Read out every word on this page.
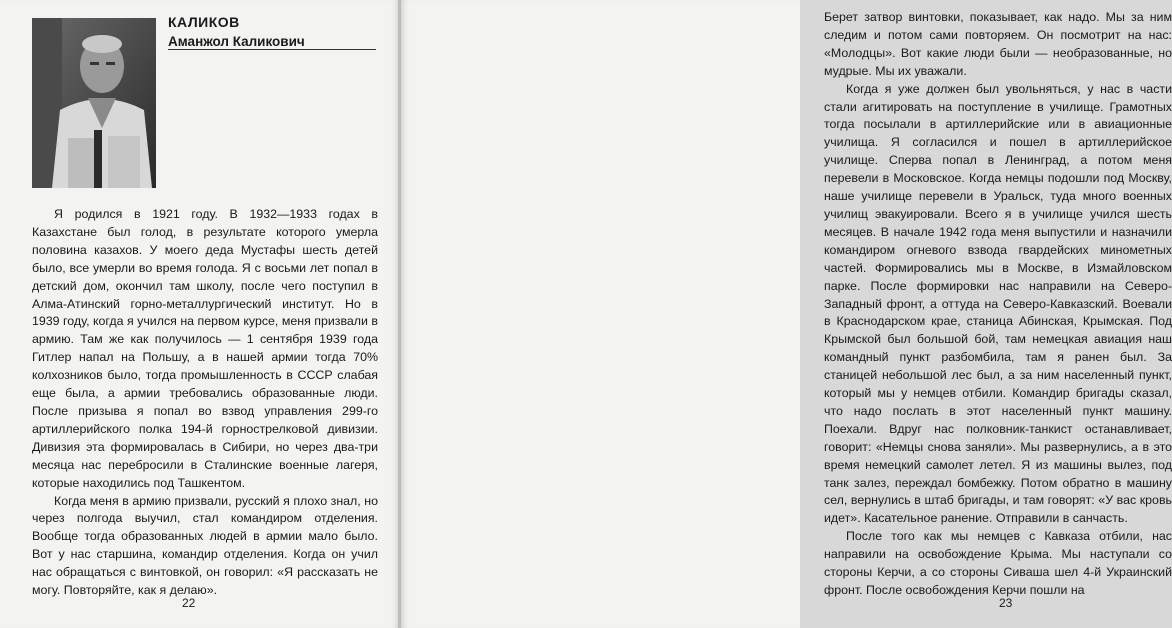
КАЛИКОВ

Аманжол Каликович

Я родился в 1921 году. В 1932—1933 годах в Казахстане был голод, в результате которого умерла половина казахов. У моего деда Мустафы шесть детей было, все умерли во время голода. Я с восьми лет попал в детский дом, окончил там школу, после чего поступил в Алма-Атинский горно-металлургический институт. Но в 1939 году, когда я учился на первом курсе, меня призвали в армию. Там же как получилось — 1 сентября 1939 года Гитлер напал на Польшу, а в нашей армии тогда 70% колхозников было, тогда промышленность в СССР слабая еще была, а армии требовались образованные люди. После призыва я попал во взвод управления 299-го артиллерийского полка 194-й горнострелковой дивизии. Дивизия эта формировалась в Сибири, но через два-три месяца нас перебросили в Сталинские военные лагеря, которые находились под Ташкентом.

Когда меня в армию призвали, русский я плохо знал, но через полгода выучил, стал командиром отделения. Вообще тогда образованных людей в армии мало было. Вот у нас старшина, командир отделения. Когда он учил нас обращаться с винтовкой, он говорил: «Я рассказать не могу. Повторяйте, как я делаю».

22

Берет затвор винтовки, показывает, как надо. Мы за ним следим и потом сами повторяем. Он посмотрит на нас: «Молодцы». Вот какие люди были — необразованные, но мудрые. Мы их уважали.

Когда я уже должен был увольняться, у нас в части стали агитировать на поступление в училище. Грамотных тогда посылали в артиллерийские или в авиационные училища. Я согласился и пошел в артиллерийское училище. Сперва попал в Ленинград, а потом меня перевели в Московское. Когда немцы подошли под Москву, наше училище перевели в Уральск, туда много военных училищ эвакуировали. Всего я в училище учился шесть месяцев. В начале 1942 года меня выпустили и назначили командиром огневого взвода гвардейских минометных частей. Формировались мы в Москве, в Измайловском парке. После формировки нас направили на Северо-Западный фронт, а оттуда на Северо-Кавказский. Воевали в Краснодарском крае, станица Абинская, Крымская. Под Крымской был большой бой, там немецкая авиация наш командный пункт разбомбила, там я ранен был. За станицей небольшой лес был, а за ним населенный пункт, который мы у немцев отбили. Командир бригады сказал, что надо послать в этот населенный пункт машину. Поехали. Вдруг нас полковник-танкист останавливает, говорит: «Немцы снова заняли». Мы развернулись, а в это время немецкий самолет летел. Я из машины вылез, под танк залез, переждал бомбежку. Потом обратно в машину сел, вернулись в штаб бригады, и там говорят: «У вас кровь идет». Касательное ранение. Отправили в санчасть.

После того как мы немцев с Кавказа отбили, нас направили на освобождение Крыма. Мы наступали со стороны Керчи, а со стороны Сиваша шел 4-й Украинский фронт. После освобождения Керчи пошли на

23
